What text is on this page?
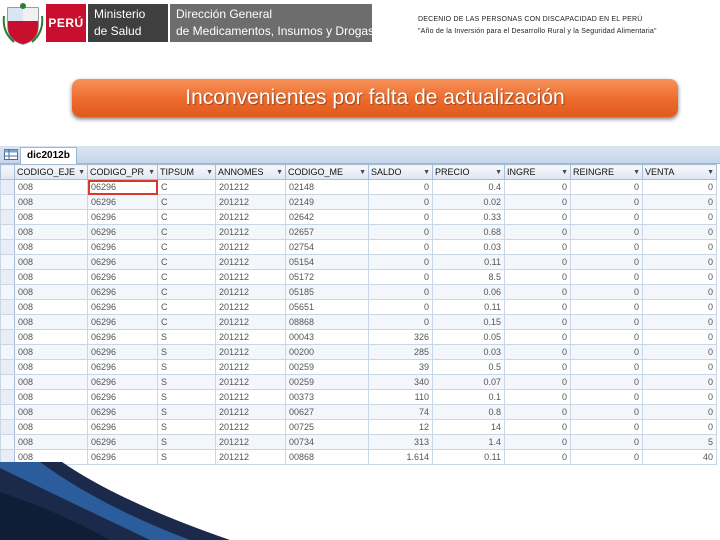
PERÚ
Ministerio
de Salud
Dirección General
de Medicamentos, Insumos y Drogas
DECENIO DE LAS PERSONAS CON DISCAPACIDAD EN EL PERÚ
"Año de la Inversión para el Desarrollo Rural y la Seguridad Alimentaria"
Inconvenientes por falta de actualización
dic2012b
	CODIGO_EJE ▼	CODIGO_PR ▼	TIPSUM ▼	ANNOMES ▼	CODIGO_ME ▼	SALDO ▼	PRECIO ▼	INGRE ▼	REINGRE ▼	VENTA ▼

	008	06296	C	201212	02148	0	0.4	0	0	0
	008	06296	C	201212	02149	0	0.02	0	0	0
	008	06296	C	201212	02642	0	0.33	0	0	0
	008	06296	C	201212	02657	0	0.68	0	0	0
	008	06296	C	201212	02754	0	0.03	0	0	0
	008	06296	C	201212	05154	0	0.11	0	0	0
	008	06296	C	201212	05172	0	8.5	0	0	0
	008	06296	C	201212	05185	0	0.06	0	0	0
	008	06296	C	201212	05651	0	0.11	0	0	0
	008	06296	C	201212	08868	0	0.15	0	0	0
	008	06296	S	201212	00043	326	0.05	0	0	0
	008	06296	S	201212	00200	285	0.03	0	0	0
	008	06296	S	201212	00259	39	0.5	0	0	0
	008	06296	S	201212	00259	340	0.07	0	0	0
	008	06296	S	201212	00373	110	0.1	0	0	0
	008	06296	S	201212	00627	74	0.8	0	0	0
	008	06296	S	201212	00725	12	14	0	0	0
	008	06296	S	201212	00734	313	1.4	0	0	5
	008	06296	S	201212	00868	1.614	0.11	0	0	40
